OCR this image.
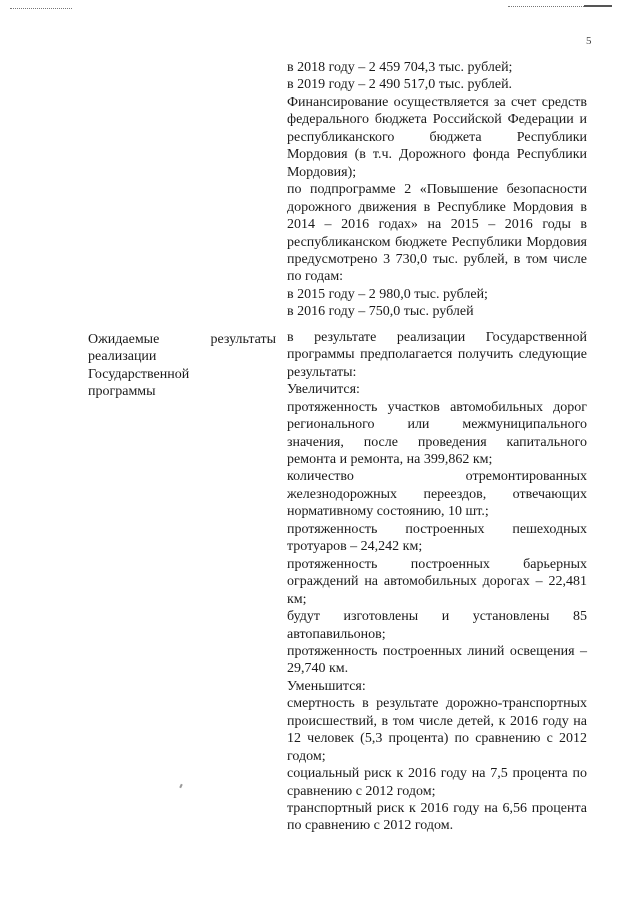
5
Ожидаемые результаты
реализации Государственной программы
в 2018 году – 2 459 704,3 тыс. рублей;
в 2019 году – 2 490 517,0 тыс. рублей.
Финансирование осуществляется за счет средств федерального бюджета Российской Федерации и республиканского бюджета Республики Мордовия (в т.ч. Дорожного фонда Республики Мордовия);
по подпрограмме 2 «Повышение безопасности дорожного движения в Республике Мордовия в 2014 – 2016 годах» на 2015 – 2016 годы в республиканском бюджете Республики Мордовия предусмотрено 3 730,0 тыс. рублей, в том числе по годам:
в 2015 году – 2 980,0 тыс. рублей;
в 2016 году – 750,0 тыс. рублей
в результате реализации Государственной программы предполагается получить следующие результаты:
Увеличится:
протяженность участков автомобильных дорог регионального или межмуниципального значения, после проведения капитального ремонта и ремонта, на 399,862 км;
количество отремонтированных железнодорожных переездов, отвечающих нормативному состоянию, 10 шт.;
протяженность построенных пешеходных тротуаров – 24,242 км;
протяженность построенных барьерных ограждений на автомобильных дорогах – 22,481 км;
будут изготовлены и установлены 85 автопавильонов;
протяженность построенных линий освещения – 29,740 км.
Уменьшится:
смертность в результате дорожно-транспортных происшествий, в том числе детей, к 2016 году на 12 человек (5,3 процента) по сравнению с 2012 годом;
социальный риск к 2016 году на 7,5 процента по сравнению с 2012 годом;
транспортный риск к 2016 году на 6,56 процента по сравнению с 2012 годом.
